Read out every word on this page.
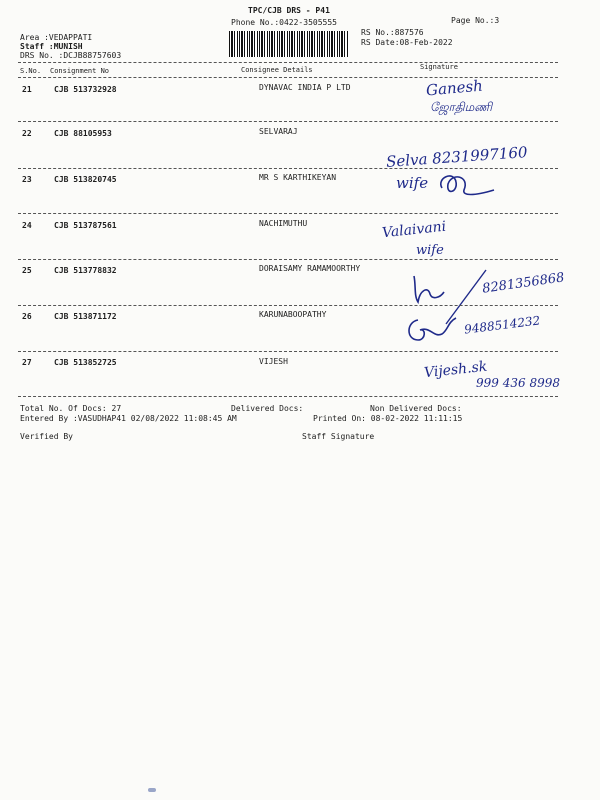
TPC/CJB DRS - P41
Phone No.:0422-3505555	Page No.:3
RS No.:887576
RS Date:08-Feb-2022
Area :VEDAPPATI
Staff :MUNISH
DRS No. :DCJB88757603
S.No. Consignment No	Consignee Details	Signature
21	CJB 513732928	DYNAVAC INDIA P LTD	Ganesh
ஜோதிமணி
22	CJB 88105953	SELVARAJ
Selva 8231997160
23	CJB 513820745	MR S KARTHIKEYAN	wife
24	CJB 513787561	NACHIMUTHU	Valaivani
wife
25	CJB 513778832	DORAISAMY RAMAMOORTHY
8281356868
26	CJB 513871172	KARUNABOOPATHY	9488514232
27	CJB 513852725	VIJESH	Vijesh.sk
999 436 8998
Total No. Of Docs: 27	Delivered Docs:	Non Delivered Docs:
Entered By :VASUDHAP41 02/08/2022 11:08:45 AM	Printed On: 08-02-2022 11:11:15
Verified By	Staff Signature
